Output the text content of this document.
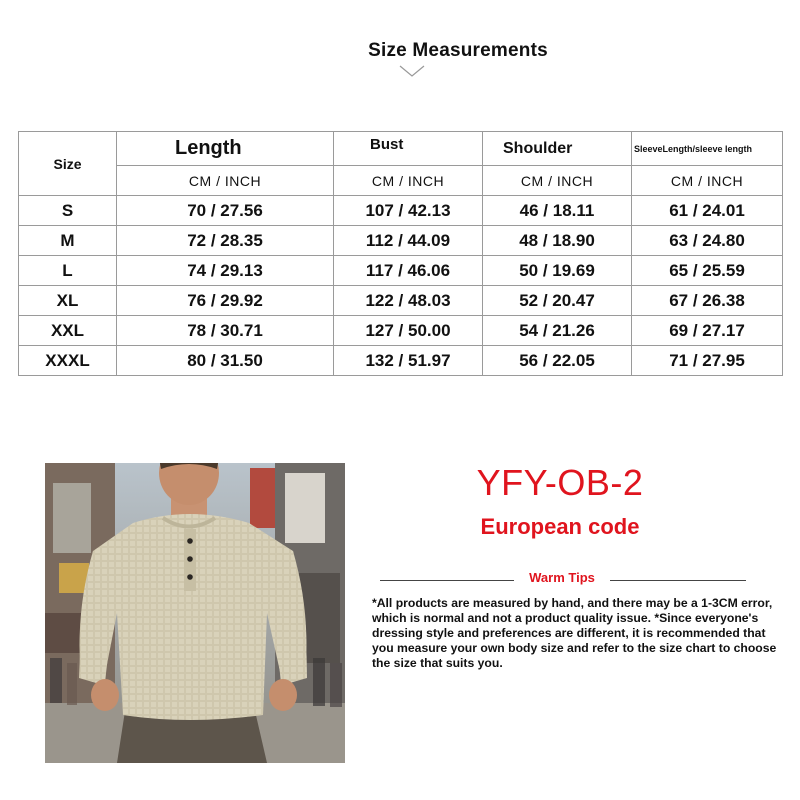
Size Measurements
Size	Length	Bust	Shoulder	SleeveLength/sleeve length
	CM / INCH	CM / INCH	CM / INCH	CM / INCH
S	70 / 27.56	107 / 42.13	46 / 18.11	61 / 24.01
M	72 / 28.35	112 / 44.09	48 / 18.90	63 / 24.80
L	74 / 29.13	117 / 46.06	50 / 19.69	65 / 25.59
XL	76 / 29.92	122 / 48.03	52 / 20.47	67 / 26.38
XXL	78 / 30.71	127 / 50.00	54 / 21.26	69 / 27.17
XXXL	80 / 31.50	132 / 51.97	56 / 22.05	71 / 27.95
YFY-OB-2
European code
Warm Tips
*All products are measured by hand, and there may be a 1-3CM error, which is normal and not a product quality issue. *Since everyone's dressing style and preferences are different, it is recommended that you measure your own body size and refer to the size chart to choose the size that suits you.
